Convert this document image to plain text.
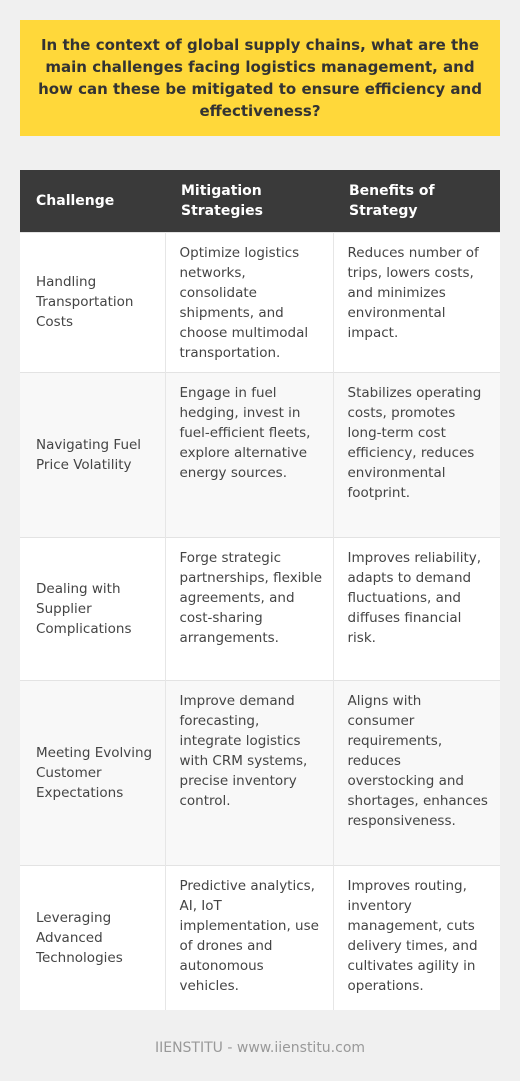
In the context of global supply chains, what are the main challenges facing logistics management, and how can these be mitigated to ensure efficiency and effectiveness?
Challenge	Mitigation Strategies	Benefits of Strategy
Handling Transportation Costs	Optimize logistics networks, consolidate shipments, and choose multimodal transportation.	Reduces number of trips, lowers costs, and minimizes environmental impact.
Navigating Fuel Price Volatility	Engage in fuel hedging, invest in fuel-efficient fleets, explore alternative energy sources.	Stabilizes operating costs, promotes long-term cost efficiency, reduces environmental footprint.
Dealing with Supplier Complications	Forge strategic partnerships, flexible agreements, and cost-sharing arrangements.	Improves reliability, adapts to demand fluctuations, and diffuses financial risk.
Meeting Evolving Customer Expectations	Improve demand forecasting, integrate logistics with CRM systems, precise inventory control.	Aligns with consumer requirements, reduces overstocking and shortages, enhances responsiveness.
Leveraging Advanced Technologies	Predictive analytics, AI, IoT implementation, use of drones and autonomous vehicles.	Improves routing, inventory management, cuts delivery times, and cultivates agility in operations.
IIENSTITU - www.iienstitu.com
